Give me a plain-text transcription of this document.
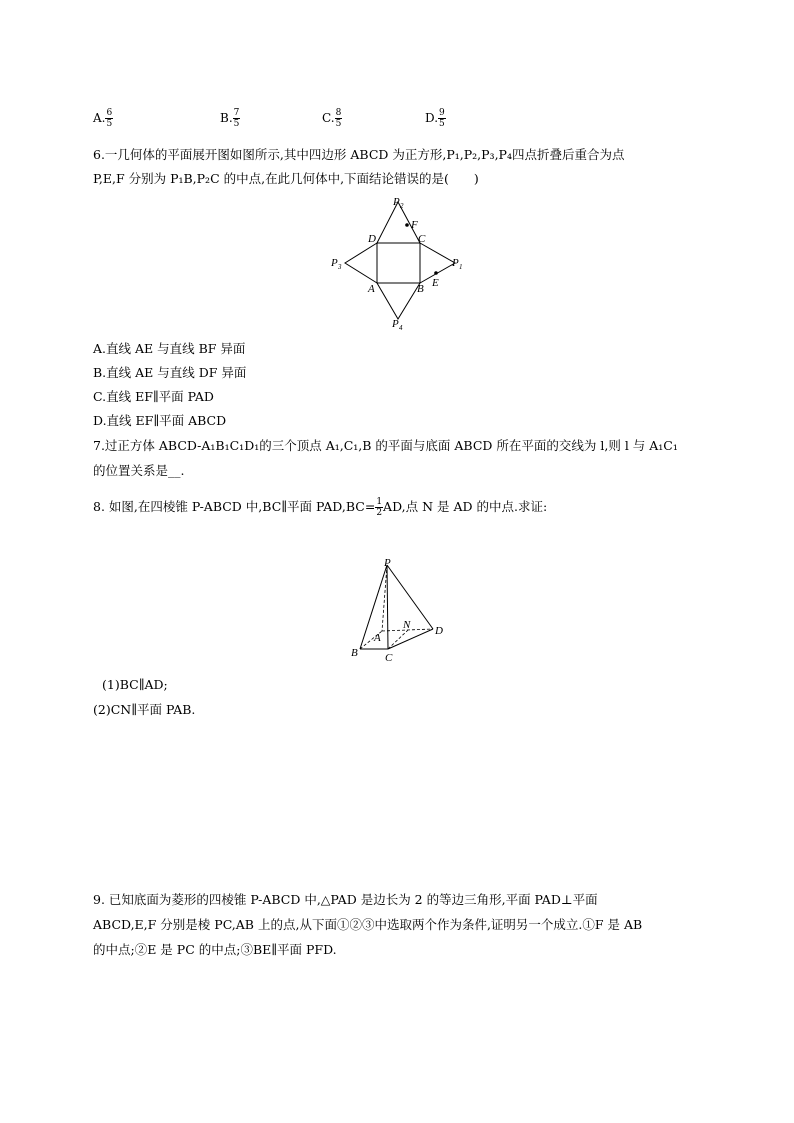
A. $\frac{6}{5}$	B. $\frac{7}{5}$	C. $\frac{8}{5}$	D. $\frac{9}{5}$
6.一几何体的平面展开图如图所示,其中四边形 ABCD 为正方形,P₁,P₂,P₃,P₄四点折叠后重合为点
P,E,F 分别为 P₁B,P₂C 的中点,在此几何体中,下面结论错误的是(　　)
P 2
F
D	C
P 3	P 1
A	B E
P 4
A.直线 AE 与直线 BF 异面
B.直线 AE 与直线 DF 异面
C.直线 EF∥平面 PAD
D.直线 EF∥平面 ABCD
7.过正方体 ABCD-A₁B₁C₁D₁的三个顶点 A₁,C₁,B 的平面与底面 ABCD 所在平面的交线为 l,则 l 与 A₁C₁
的位置关系是__.
8. 如图,在四棱锥 P-ABCD 中,BC∥平面 $PAD,BC= \frac{1}{2}$ AD,点 N 是 AD 的中点.求证:
P
A
N D
B C
(1)BC∥AD;
(2)CN∥平面 PAB.
9. 已知底面为菱形的四棱锥 P-ABCD 中,△PAD 是边长为 2 的等边三角形,平面 PAD⊥平面
ABCD,E,F 分别是棱 PC,AB 上的点,从下面①②③中选取两个作为条件,证明另一个成立.①F 是 AB
的中点;②E 是 PC 的中点;③BE∥平面 PFD.
